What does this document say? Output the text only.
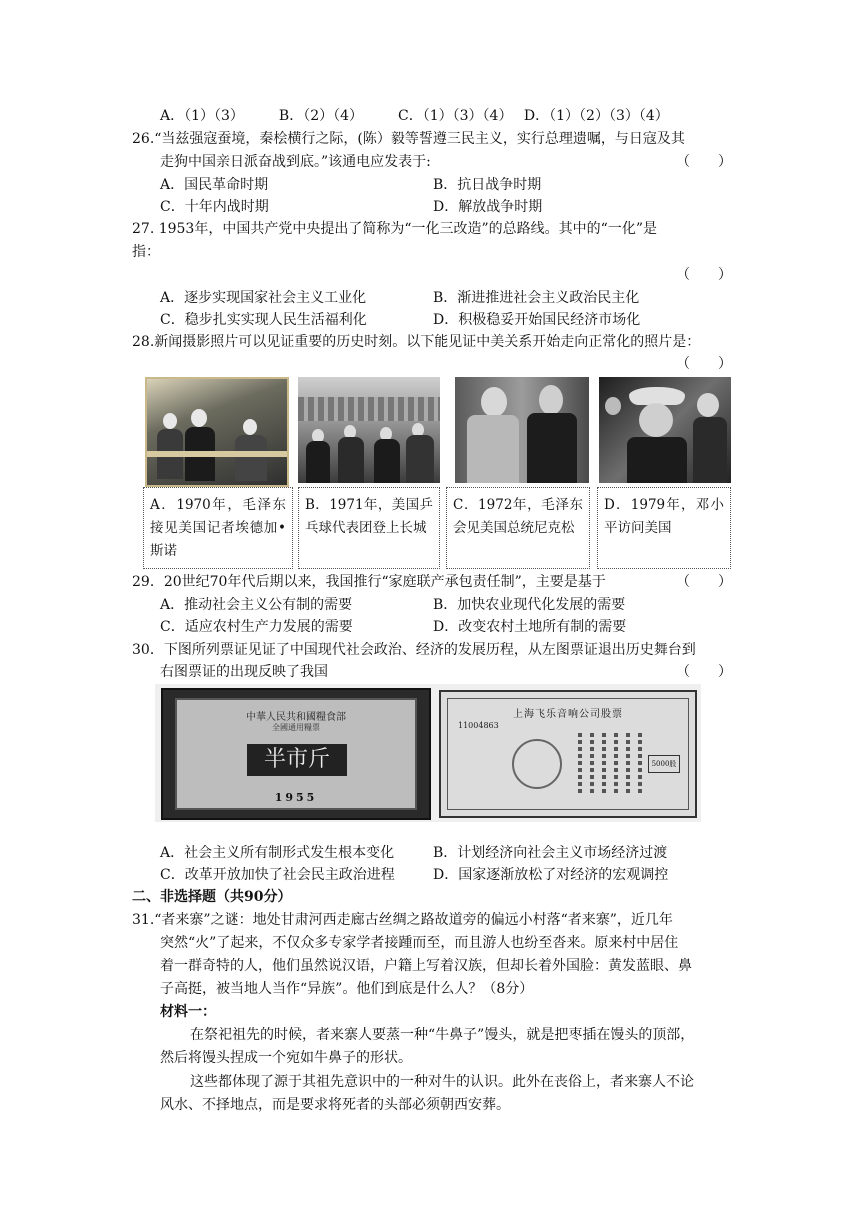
A．（1）（3）　　　B．（2）（4）　　　C．（1）（3）（4）　 D．（1）（2）（3）（4）
26.“当兹强寇蚕境，秦桧横行之际，(陈）毅等誓遵三民主义，实行总理遗嘱，与日寇及其
走狗中国亲日派奋战到底。”该通电应发表于:	（　　）
A．国民革命时期	B．抗日战争时期
C．十年内战时期	D．解放战争时期
27. 1953年，中国共产党中央提出了简称为“一化三改造”的总路线。其中的“一化”是
指：
（　　）
A．逐步实现国家社会主义工业化	B．渐进推进社会主义政治民主化
C．稳步扎实实现人民生活福利化	D．积极稳妥开始国民经济市场化
28.新闻摄影照片可以见证重要的历史时刻。以下能见证中美关系开始走向正常化的照片是：
（　　）
A．1970年，毛泽东接见美国记者埃德加•斯诺
B．1971年，美国乒乓球代表团登上长城
C．1972年，毛泽东会见美国总统尼克松
D．1979年，邓小平访问美国
29．20世纪70年代后期以来，我国推行“家庭联产承包责任制”，主要是基于	（　　）
A．推动社会主义公有制的需要	B．加快农业现代化发展的需要
C．适应农村生产力发展的需要	D．改变农村土地所有制的需要
30．下图所列票证见证了中国现代社会政治、经济的发展历程，从左图票证退出历史舞台到
右图票证的出现反映了我国	（　　）
中華人民共和國糧食部
全國通用糧票
半市斤
1955
上海飞乐音响公司股票
11004863
5000股
A．社会主义所有制形式发生根本变化	B．计划经济向社会主义市场经济过渡
C．改革开放加快了社会民主政治进程	D．国家逐渐放松了对经济的宏观调控
二、非选择题（共90分）
31.“者来寨”之谜：地处甘肃河西走廊古丝绸之路故道旁的偏远小村落“者来寨”，近几年
突然“火”了起来，不仅众多专家学者接踵而至，而且游人也纷至沓来。原来村中居住
着一群奇特的人，他们虽然说汉语，户籍上写着汉族，但却长着外国脸：黄发蓝眼、鼻
子高挺，被当地人当作“异族”。他们到底是什么人？（8分）
材料一：
在祭祀祖先的时候，者来寨人要蒸一种“牛鼻子”馒头，就是把枣插在馒头的顶部，
然后将馒头捏成一个宛如牛鼻子的形状。
这些都体现了源于其祖先意识中的一种对牛的认识。此外在丧俗上，者来寨人不论
风水、不择地点，而是要求将死者的头部必须朝西安葬。
